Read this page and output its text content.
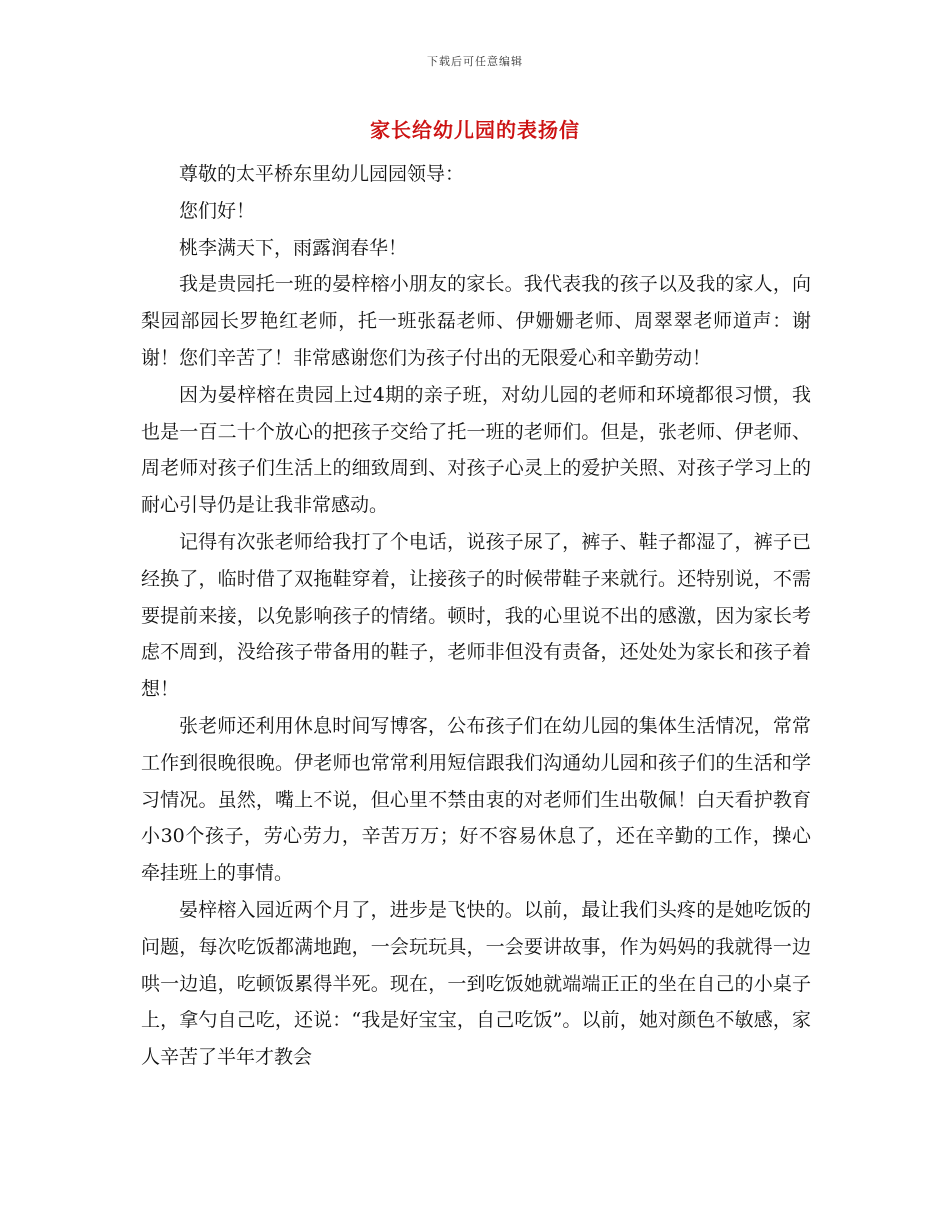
下载后可任意编辑
家长给幼儿园的表扬信

尊敬的太平桥东里幼儿园园领导：

您们好！

桃李满天下，雨露润春华！

我是贵园托一班的晏梓榕小朋友的家长。我代表我的孩子以及我的家人，向梨园部园长罗艳红老师，托一班张磊老师、伊姗姗老师、周翠翠老师道声：谢谢！您们辛苦了！非常感谢您们为孩子付出的无限爱心和辛勤劳动！

因为晏梓榕在贵园上过4期的亲子班，对幼儿园的老师和环境都很习惯，我也是一百二十个放心的把孩子交给了托一班的老师们。但是，张老师、伊老师、周老师对孩子们生活上的细致周到、对孩子心灵上的爱护关照、对孩子学习上的耐心引导仍是让我非常感动。

记得有次张老师给我打了个电话，说孩子尿了，裤子、鞋子都湿了，裤子已经换了，临时借了双拖鞋穿着，让接孩子的时候带鞋子来就行。还特别说，不需要提前来接，以免影响孩子的情绪。顿时，我的心里说不出的感激，因为家长考虑不周到，没给孩子带备用的鞋子，老师非但没有责备，还处处为家长和孩子着想！

张老师还利用休息时间写博客，公布孩子们在幼儿园的集体生活情况，常常工作到很晚很晚。伊老师也常常利用短信跟我们沟通幼儿园和孩子们的生活和学习情况。虽然，嘴上不说，但心里不禁由衷的对老师们生出敬佩！白天看护教育小30个孩子，劳心劳力，辛苦万万；好不容易休息了，还在辛勤的工作，操心牵挂班上的事情。

晏梓榕入园近两个月了，进步是飞快的。以前，最让我们头疼的是她吃饭的问题，每次吃饭都满地跑，一会玩玩具，一会要讲故事，作为妈妈的我就得一边哄一边追，吃顿饭累得半死。现在，一到吃饭她就端端正正的坐在自己的小桌子上，拿勺自己吃，还说：“我是好宝宝，自己吃饭”。以前，她对颜色不敏感，家人辛苦了半年才教会
